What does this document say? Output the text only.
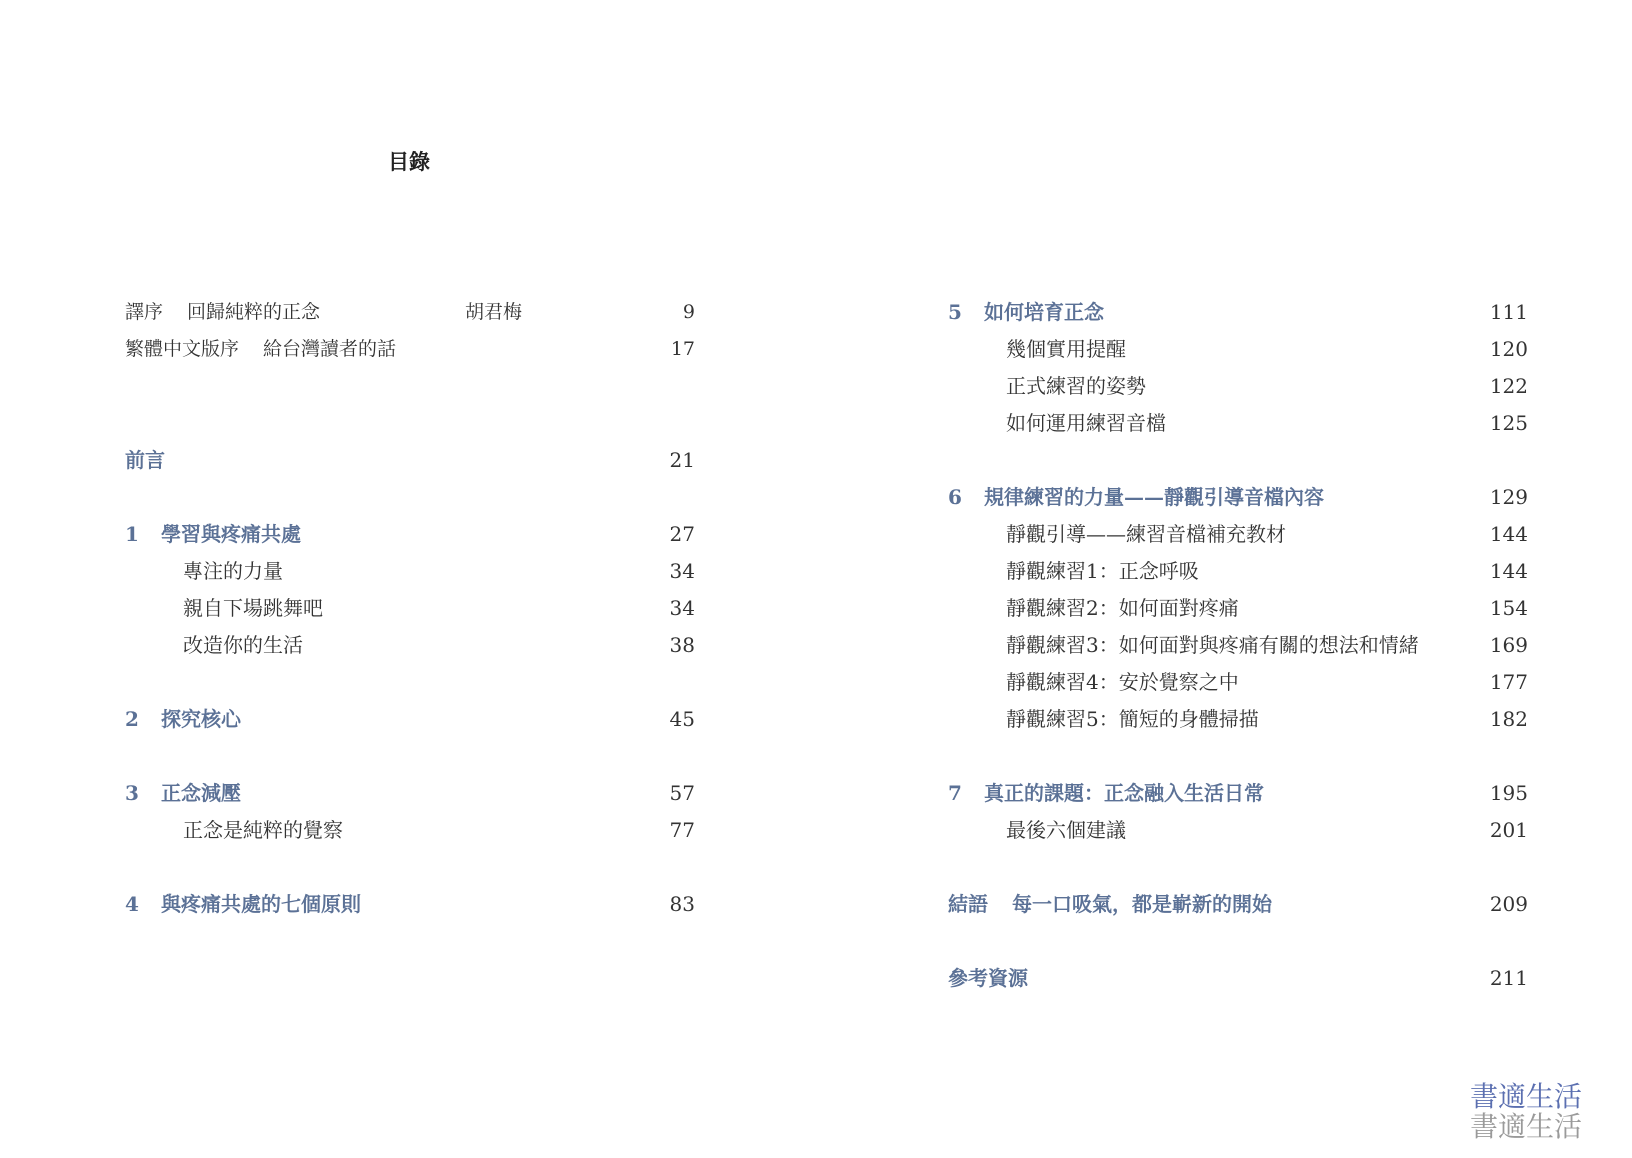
目錄
譯序 回歸純粹的正念	胡君梅	9
繁體中文版序 給台灣讀者的話	17
前言	21
1 學習與疼痛共處	27
專注的力量	34
親自下場跳舞吧	34
改造你的生活	38
2 探究核心	45
3 正念減壓	57
正念是純粹的覺察	77
4 與疼痛共處的七個原則	83
5 如何培育正念	111
幾個實用提醒	120
正式練習的姿勢	122
如何運用練習音檔	125
6 規律練習的力量——靜觀引導音檔內容	129
靜觀引導——練習音檔補充教材	144
靜觀練習1：正念呼吸	144
靜觀練習2：如何面對疼痛	154
靜觀練習3：如何面對與疼痛有關的想法和情緒	169
靜觀練習4：安於覺察之中	177
靜觀練習5：簡短的身體掃描	182
7 真正的課題：正念融入生活日常	195
最後六個建議	201
結語 每一口吸氣，都是嶄新的開始	209
參考資源	211
書適生活
書適生活
